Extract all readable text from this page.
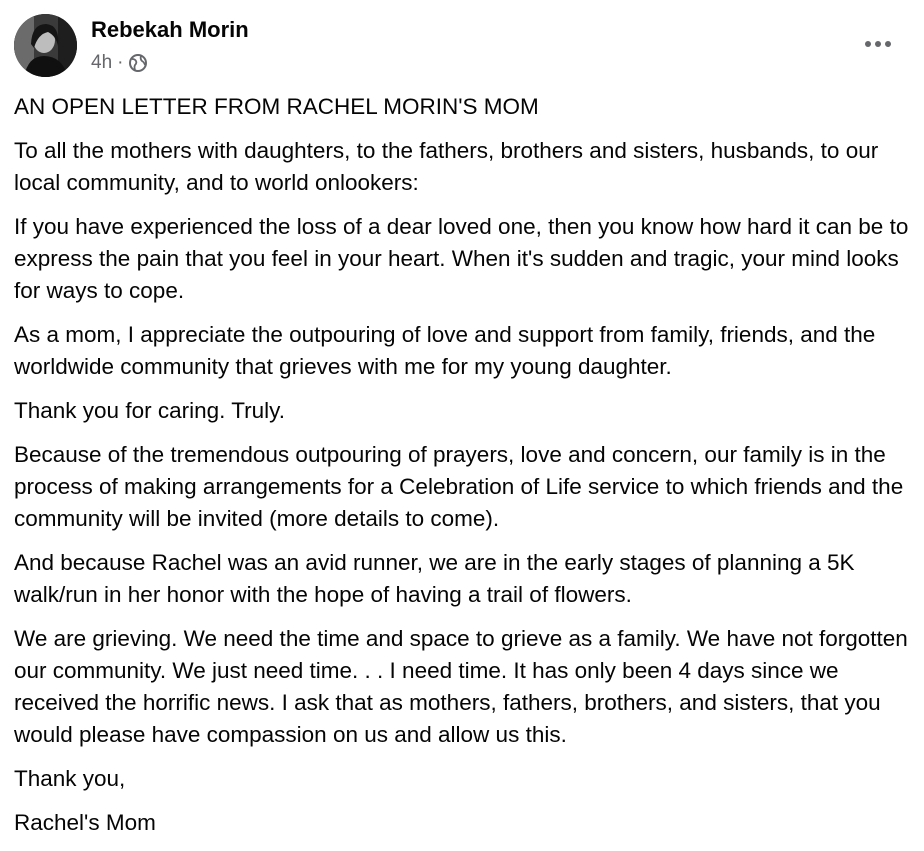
Rebekah Morin
4h ·

AN OPEN LETTER FROM RACHEL MORIN'S MOM

To all the mothers with daughters, to the fathers, brothers and sisters, husbands, to our local community, and to world onlookers:

If you have experienced the loss of a dear loved one, then you know how hard it can be to express the pain that you feel in your heart. When it's sudden and tragic, your mind looks for ways to cope.

As a mom, I appreciate the outpouring of love and support from family, friends, and the worldwide community that grieves with me for my young daughter.

Thank you for caring. Truly.

Because of the tremendous outpouring of prayers, love and concern, our family is in the process of making arrangements for a Celebration of Life service to which friends and the community will be invited (more details to come).

And because Rachel was an avid runner, we are in the early stages of planning a 5K walk/run in her honor with the hope of having a trail of flowers.

We are grieving. We need the time and space to grieve as a family. We have not forgotten our community. We just need time. . . I need time. It has only been 4 days since we received the horrific news. I ask that as mothers, fathers, brothers, and sisters, that you would please have compassion on us and allow us this.

Thank you,

Rachel's Mom
